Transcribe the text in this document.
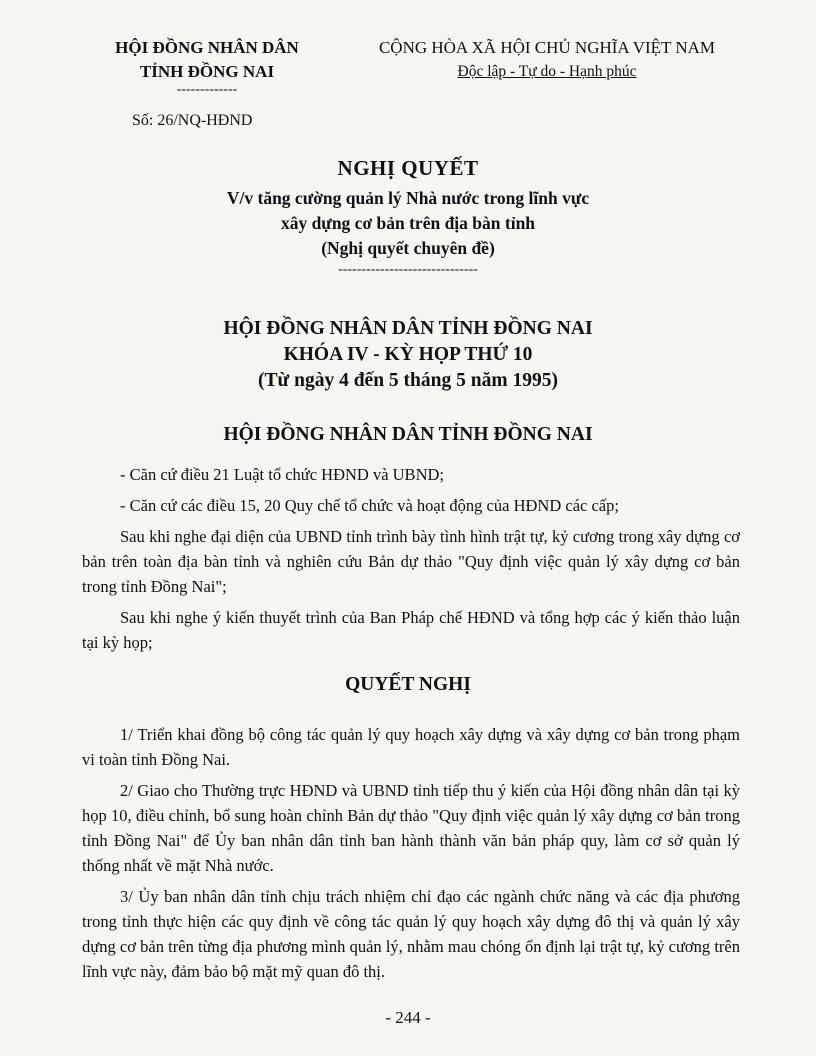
HỘI ĐỒNG NHÂN DÂN
TỈNH ĐỒNG NAI
-------------
CỘNG HÒA XÃ HỘI CHỦ NGHĨA VIỆT NAM
Độc lập - Tự do - Hạnh phúc
Số: 26/NQ-HĐND
NGHỊ QUYẾT
V/v tăng cường quản lý Nhà nước trong lĩnh vực
xây dựng cơ bản trên địa bàn tỉnh
(Nghị quyết chuyên đề)
------------------------------
HỘI ĐỒNG NHÂN DÂN TỈNH ĐỒNG NAI
KHÓA IV - KỲ HỌP THỨ 10
(Từ ngày 4 đến 5 tháng 5 năm 1995)
HỘI ĐỒNG NHÂN DÂN TỈNH ĐỒNG NAI

- Căn cứ điều 21 Luật tổ chức HĐND và UBND;

- Căn cứ các điều 15, 20 Quy chế tổ chức và hoạt động của HĐND các cấp;

Sau khi nghe đại diện của UBND tỉnh trình bày tình hình trật tự, kỷ cương trong xây dựng cơ bản trên toàn địa bàn tỉnh và nghiên cứu Bản dự thảo "Quy định việc quản lý xây dựng cơ bản trong tỉnh Đồng Nai";

Sau khi nghe ý kiến thuyết trình của Ban Pháp chế HĐND và tổng hợp các ý kiến thảo luận tại kỳ họp;

QUYẾT NGHỊ

1/ Triển khai đồng bộ công tác quản lý quy hoạch xây dựng và xây dựng cơ bản trong phạm vi toàn tỉnh Đồng Nai.

2/ Giao cho Thường trực HĐND và UBND tỉnh tiếp thu ý kiến của Hội đồng nhân dân tại kỳ họp 10, điều chỉnh, bổ sung hoàn chỉnh Bản dự thảo "Quy định việc quản lý xây dựng cơ bản trong tỉnh Đồng Nai" để Ủy ban nhân dân tỉnh ban hành thành văn bản pháp quy, làm cơ sở quản lý thống nhất về mặt Nhà nước.

3/ Ủy ban nhân dân tỉnh chịu trách nhiệm chỉ đạo các ngành chức năng và các địa phương trong tỉnh thực hiện các quy định về công tác quản lý quy hoạch xây dựng đô thị và quản lý xây dựng cơ bản trên từng địa phương mình quản lý, nhằm mau chóng ổn định lại trật tự, kỷ cương trên lĩnh vực này, đảm bảo bộ mặt mỹ quan đô thị.

- 244 -
